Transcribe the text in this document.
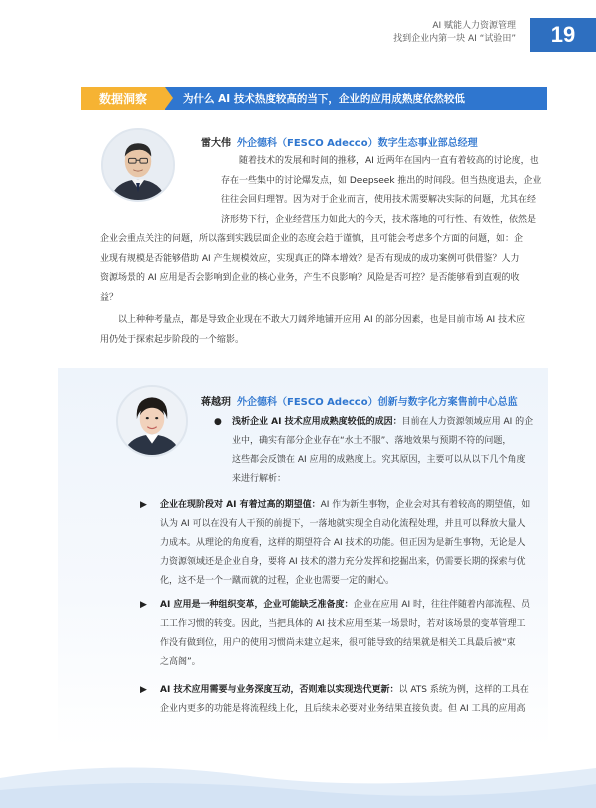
AI 赋能人力资源管理
找到企业内第一块 AI “试验田”	19
数据洞察	为什么 AI 技术热度较高的当下，企业的应用成熟度依然较低
雷大伟 外企德科（FESCO Adecco）数字生态事业部总经理
随着技术的发展和时间的推移，AI 近两年在国内一直有着较高的讨论度，也
存在一些集中的讨论爆发点，如 Deepseek 推出的时间段。但当热度退去，企业
往往会回归理智。因为对于企业而言，使用技术需要解决实际的问题，尤其在经
济形势下行，企业经营压力如此大的今天，技术落地的可行性、有效性，依然是
企业会重点关注的问题，所以落到实践层面企业的态度会趋于谨慎，且可能会考虑多个方面的问题，如：企
业现有规模是否能够借助 AI 产生规模效应，实现真正的降本增效？是否有现成的成功案例可供借鉴？人力
资源场景的 AI 应用是否会影响到企业的核心业务，产生不良影响？风险是否可控？是否能够看到直观的收
益？
以上种种考量点，都是导致企业现在不敢大刀阔斧地铺开应用 AI 的部分因素，也是目前市场 AI 技术应
用仍处于探索起步阶段的一个缩影。
蒋越玥 外企德科（FESCO Adecco）创新与数字化方案售前中心总监
● 浅析企业 AI 技术应用成熟度较低的成因：目前在人力资源领域应用 AI 的企
业中，确实有部分企业存在“水土不服”、落地效果与预期不符的问题，
这些都会反馈在 AI 应用的成熟度上。究其原因，主要可以从以下几个角度
来进行解析：
▶ 企业在现阶段对 AI 有着过高的期望值：AI 作为新生事物，企业会对其有着较高的期望值，如
认为 AI 可以在没有人干预的前提下，一落地就实现全自动化流程处理，并且可以释放大量人
力成本。从理论的角度看，这样的期望符合 AI 技术的功能。但正因为是新生事物，无论是人
力资源领域还是企业自身，要将 AI 技术的潜力充分发挥和挖掘出来，仍需要长期的探索与优
化，这不是一个一蹴而就的过程，企业也需要一定的耐心。
▶ AI 应用是一种组织变革，企业可能缺乏准备度：企业在应用 AI 时，往往伴随着内部流程、员
工工作习惯的转变。因此，当把具体的 AI 技术应用至某一场景时，若对该场景的变革管理工
作没有做到位，用户的使用习惯尚未建立起来，很可能导致的结果就是相关工具最后被“束
之高阁”。
▶ AI 技术应用需要与业务深度互动，否则难以实现迭代更新：以 ATS 系统为例，这样的工具在
企业内更多的功能是将流程线上化，且后续未必要对业务结果直接负责。但 AI 工具的应用高
